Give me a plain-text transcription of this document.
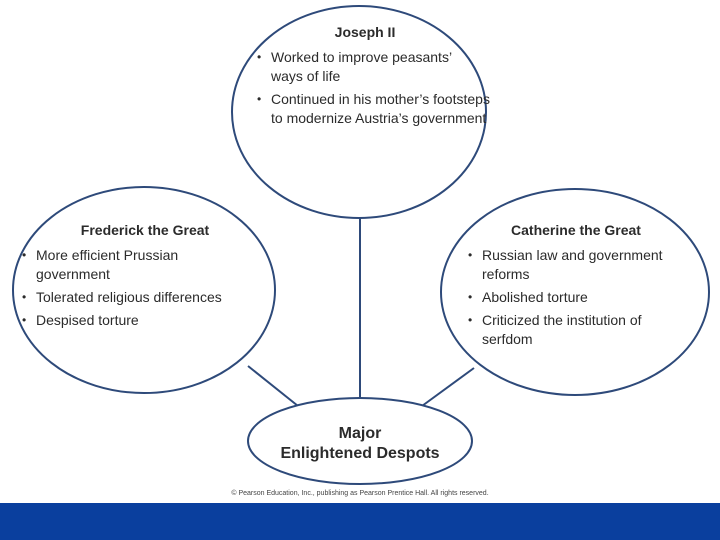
Joseph II
• Worked to improve peasants’ ways of life
• Continued in his mother’s footsteps to modernize Austria’s government
Frederick the Great
• More efficient Prussian government
• Tolerated religious differences
• Despised torture
Catherine the Great
• Russian law and government reforms
• Abolished torture
• Criticized the institution of serfdom
Major
Enlightened Despots
© Pearson Education, Inc., publishing as Pearson Prentice Hall. All rights reserved.
